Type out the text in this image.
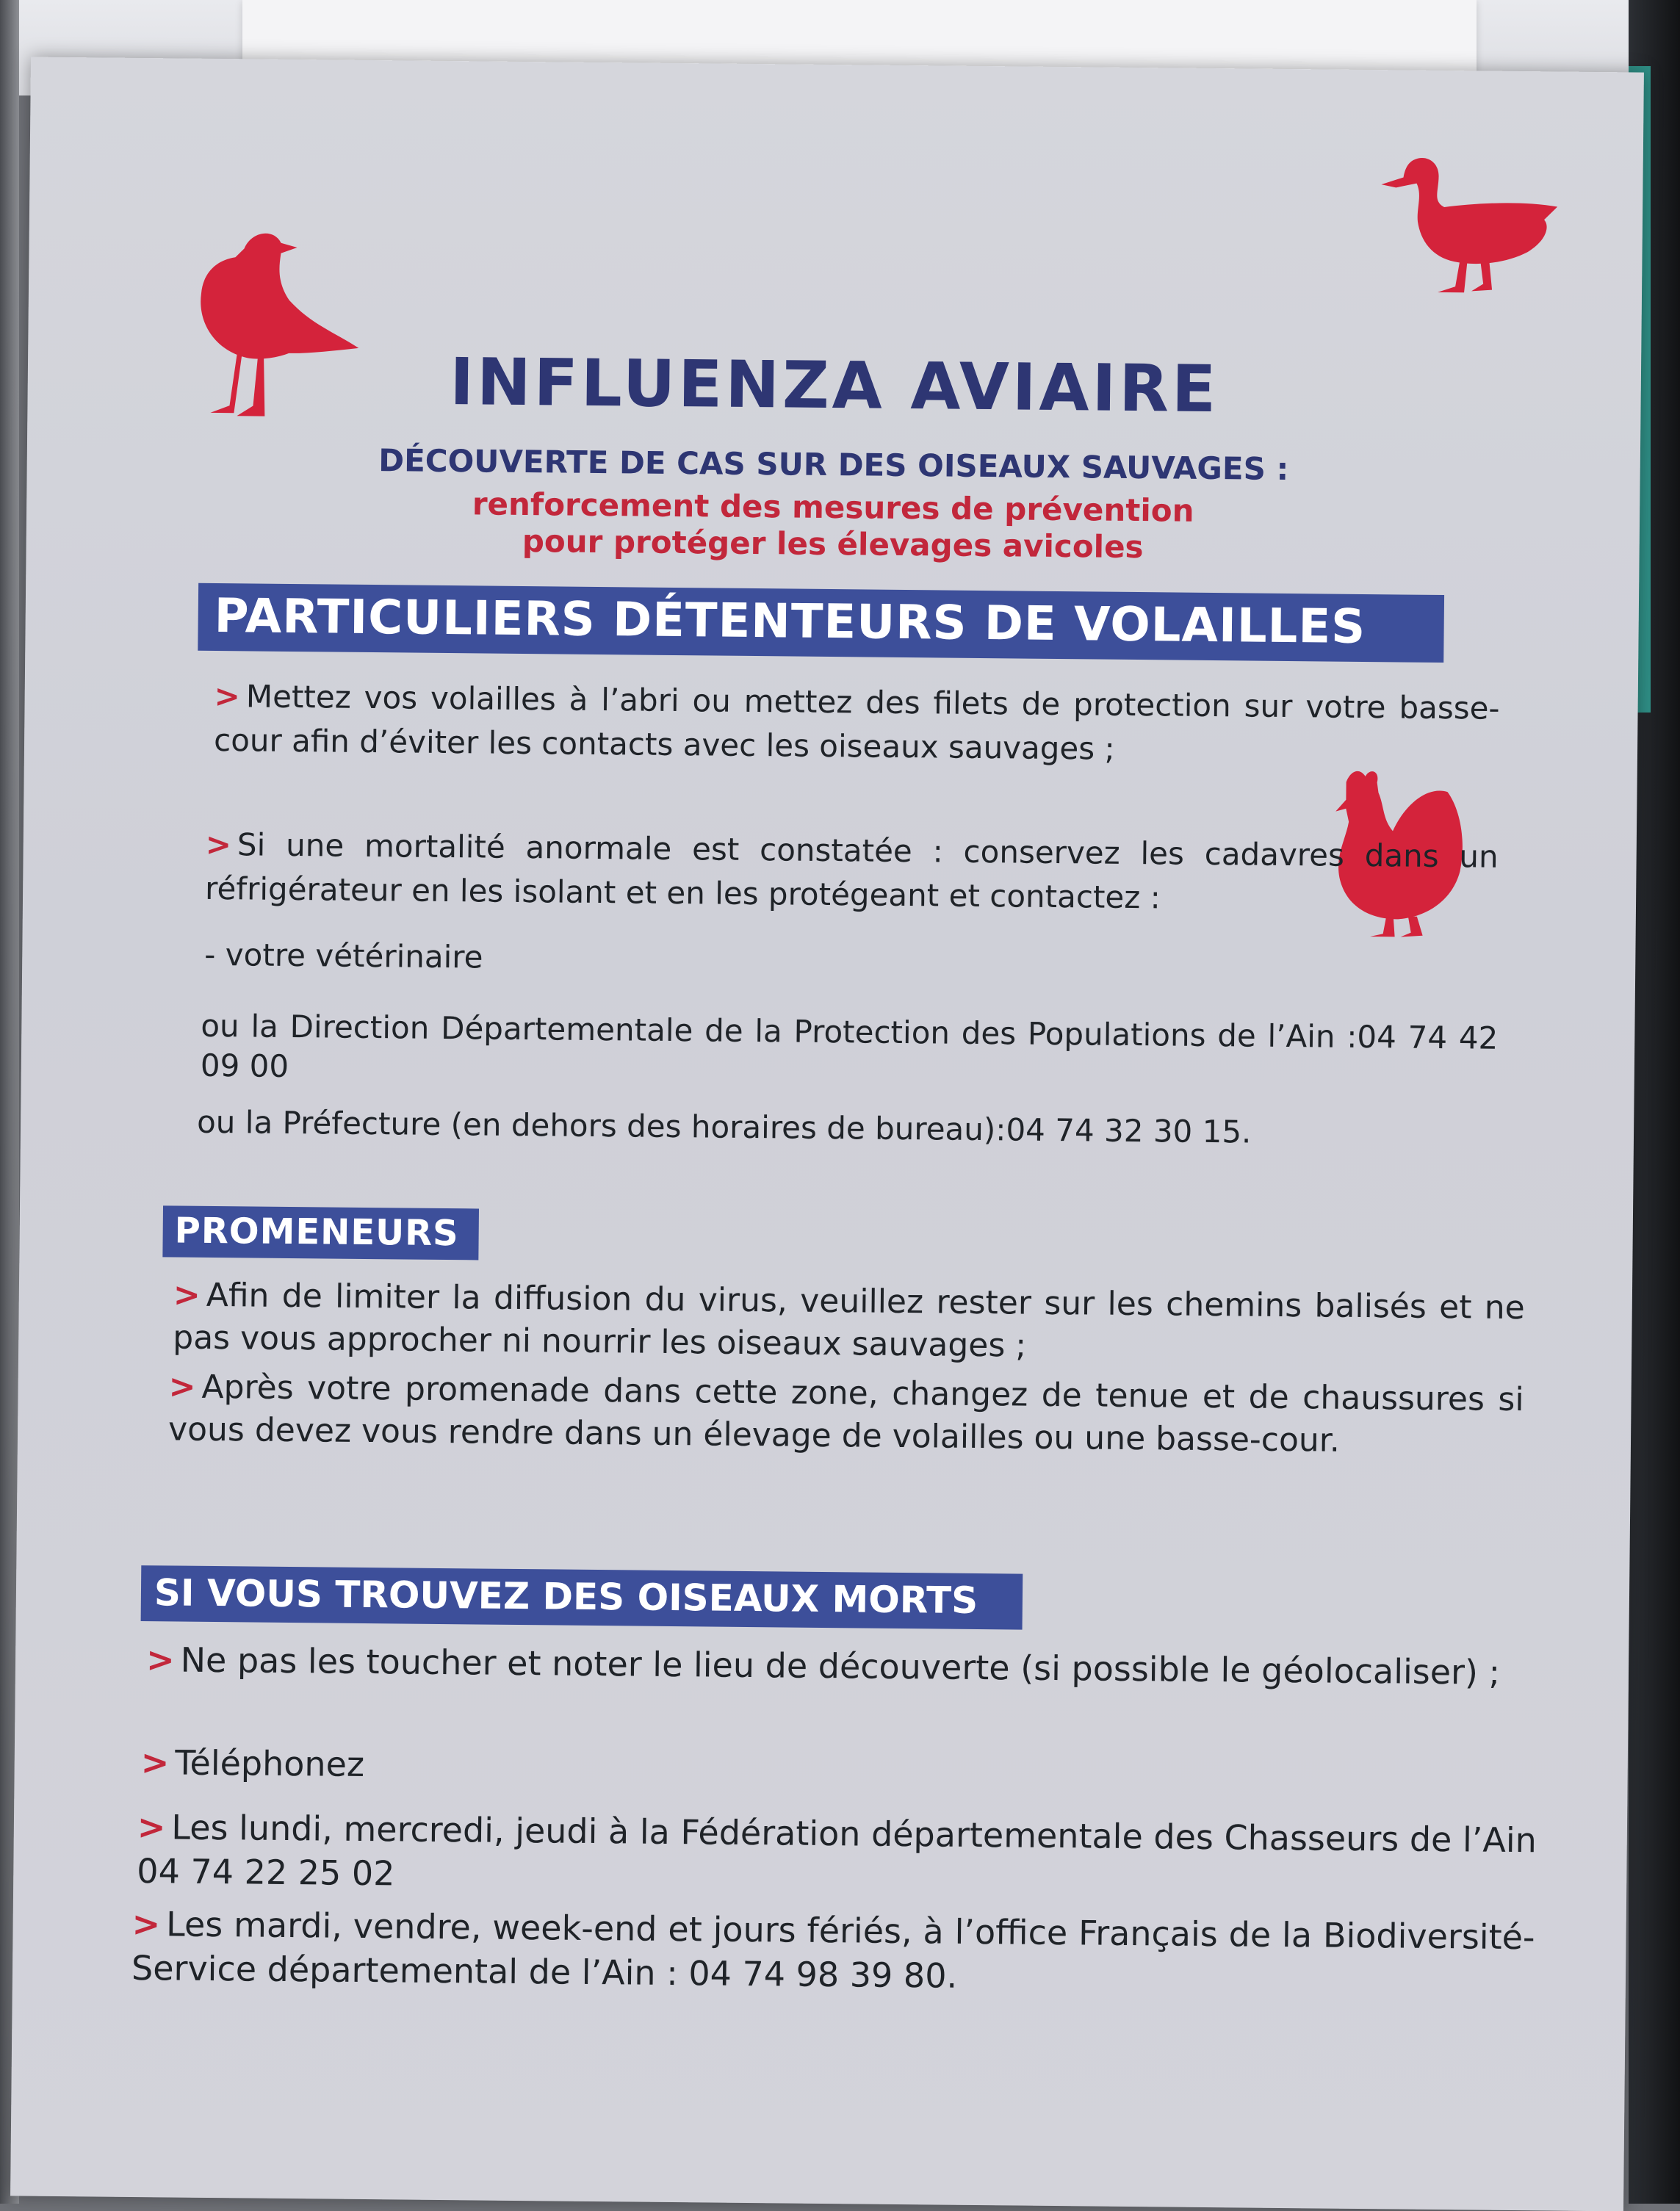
INFLUENZA AVIAIRE
DÉCOUVERTE DE CAS SUR DES OISEAUX SAUVAGES :
renforcement des mesures de prévention
pour protéger les élevages avicoles
PARTICULIERS DÉTENTEURS DE VOLAILLES
> Mettez vos volailles à l’abri ou mettez des filets de protection sur votre basse-cour afin d’éviter les contacts avec les oiseaux sauvages ;
> Si une mortalité anormale est constatée : conservez les cadavres dans un réfrigérateur en les isolant et en les protégeant et contactez :
- votre vétérinaire
ou la Direction Départementale de la Protection des Populations de l’Ain :04 74 42 09 00
ou la Préfecture (en dehors des horaires de bureau):04 74 32 30 15.
PROMENEURS
> Afin de limiter la diffusion du virus, veuillez rester sur les chemins balisés et ne pas vous approcher ni nourrir les oiseaux sauvages ;
> Après votre promenade dans cette zone, changez de tenue et de chaussures si vous devez vous rendre dans un élevage de volailles ou une basse-cour.
SI VOUS TROUVEZ DES OISEAUX MORTS
> Ne pas les toucher et noter le lieu de découverte (si possible le géolocaliser) ;
> Téléphonez
> Les lundi, mercredi, jeudi à la Fédération départementale des Chasseurs de l’Ain 04 74 22 25 02
> Les mardi, vendre, week-end et jours fériés, à l’office Français de la Biodiversité-Service départemental de l’Ain : 04 74 98 39 80.
